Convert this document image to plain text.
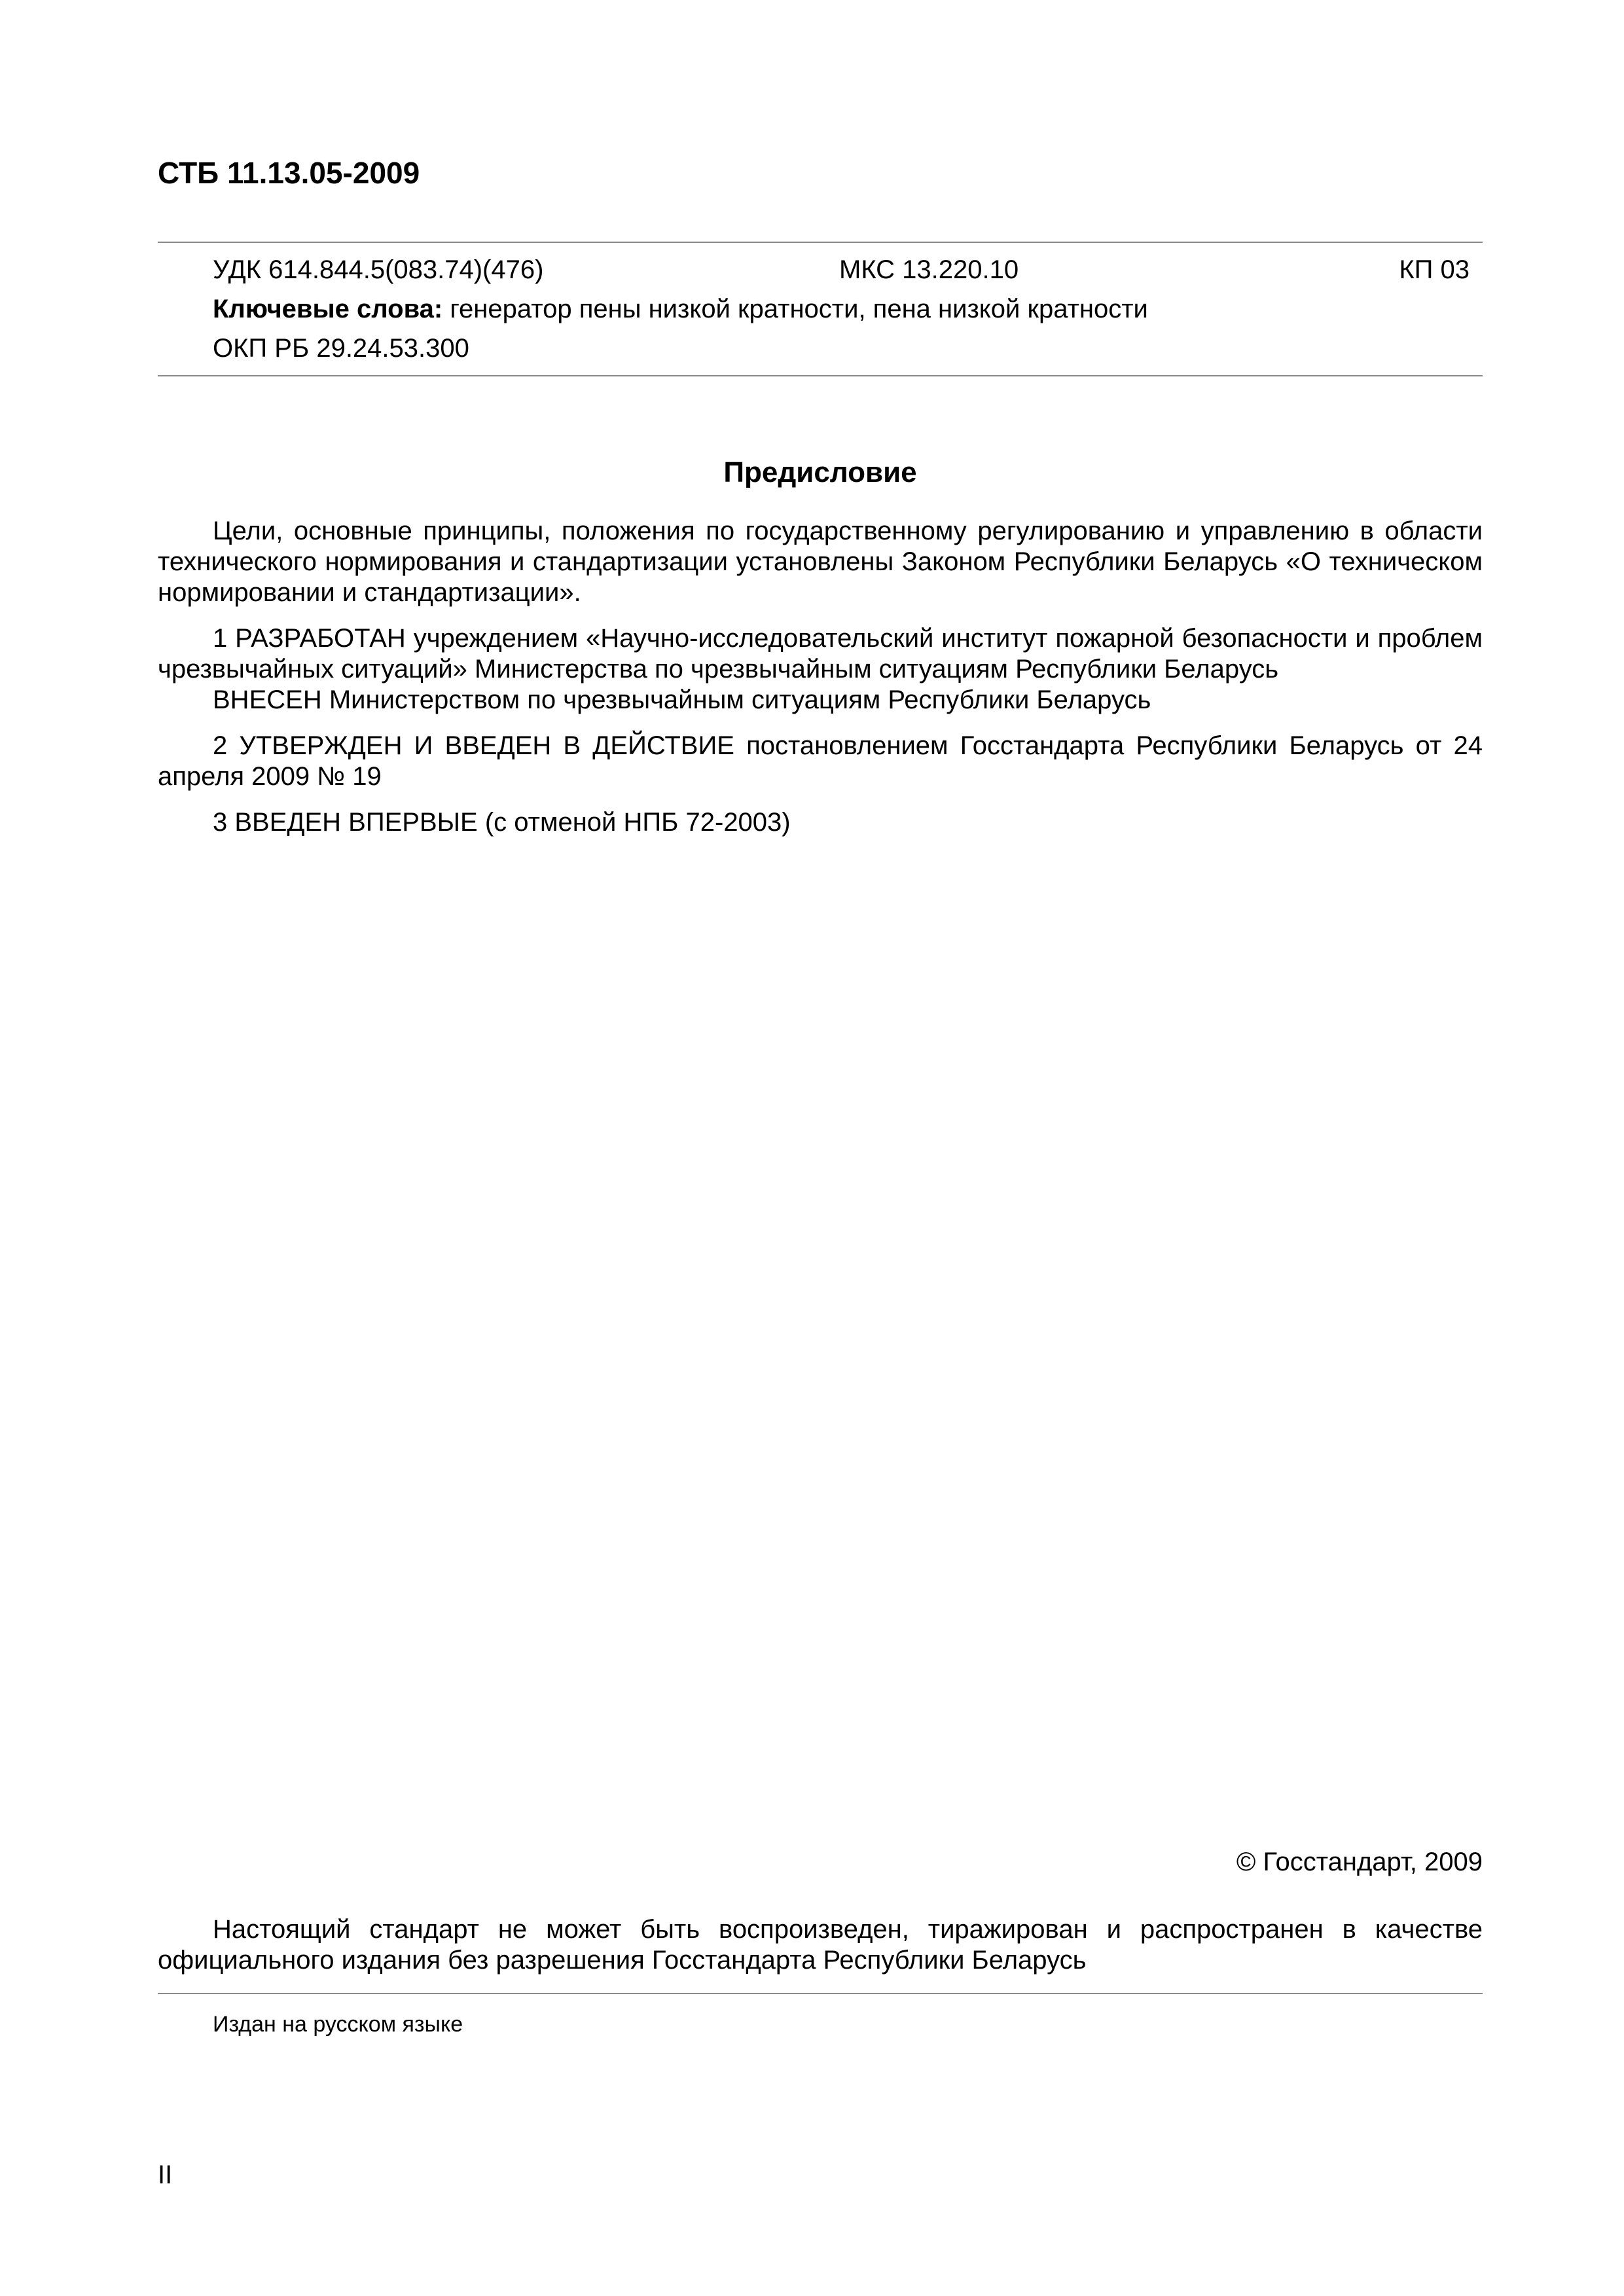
СТБ 11.13.05-2009
УДК 614.844.5(083.74)(476)	МКС 13.220.10	КП 03
Ключевые слова: генератор пены низкой кратности, пена низкой кратности
ОКП РБ 29.24.53.300
Предисловие

Цели, основные принципы, положения по государственному регулированию и управлению в области технического нормирования и стандартизации установлены Законом Республики Беларусь «О техническом нормировании и стандартизации».

1 РАЗРАБОТАН учреждением «Научно-исследовательский институт пожарной безопасности и проблем чрезвычайных ситуаций» Министерства по чрезвычайным ситуациям Республики Беларусь

ВНЕСЕН Министерством по чрезвычайным ситуациям Республики Беларусь

2 УТВЕРЖДЕН И ВВЕДЕН В ДЕЙСТВИЕ постановлением Госстандарта Республики Беларусь от 24 апреля 2009 № 19

3 ВВЕДЕН ВПЕРВЫЕ (с отменой НПБ 72-2003)

© Госстандарт, 2009

Настоящий стандарт не может быть воспроизведен, тиражирован и распространен в качестве официального издания без разрешения Госстандарта Республики Беларусь

Издан на русском языке
II
